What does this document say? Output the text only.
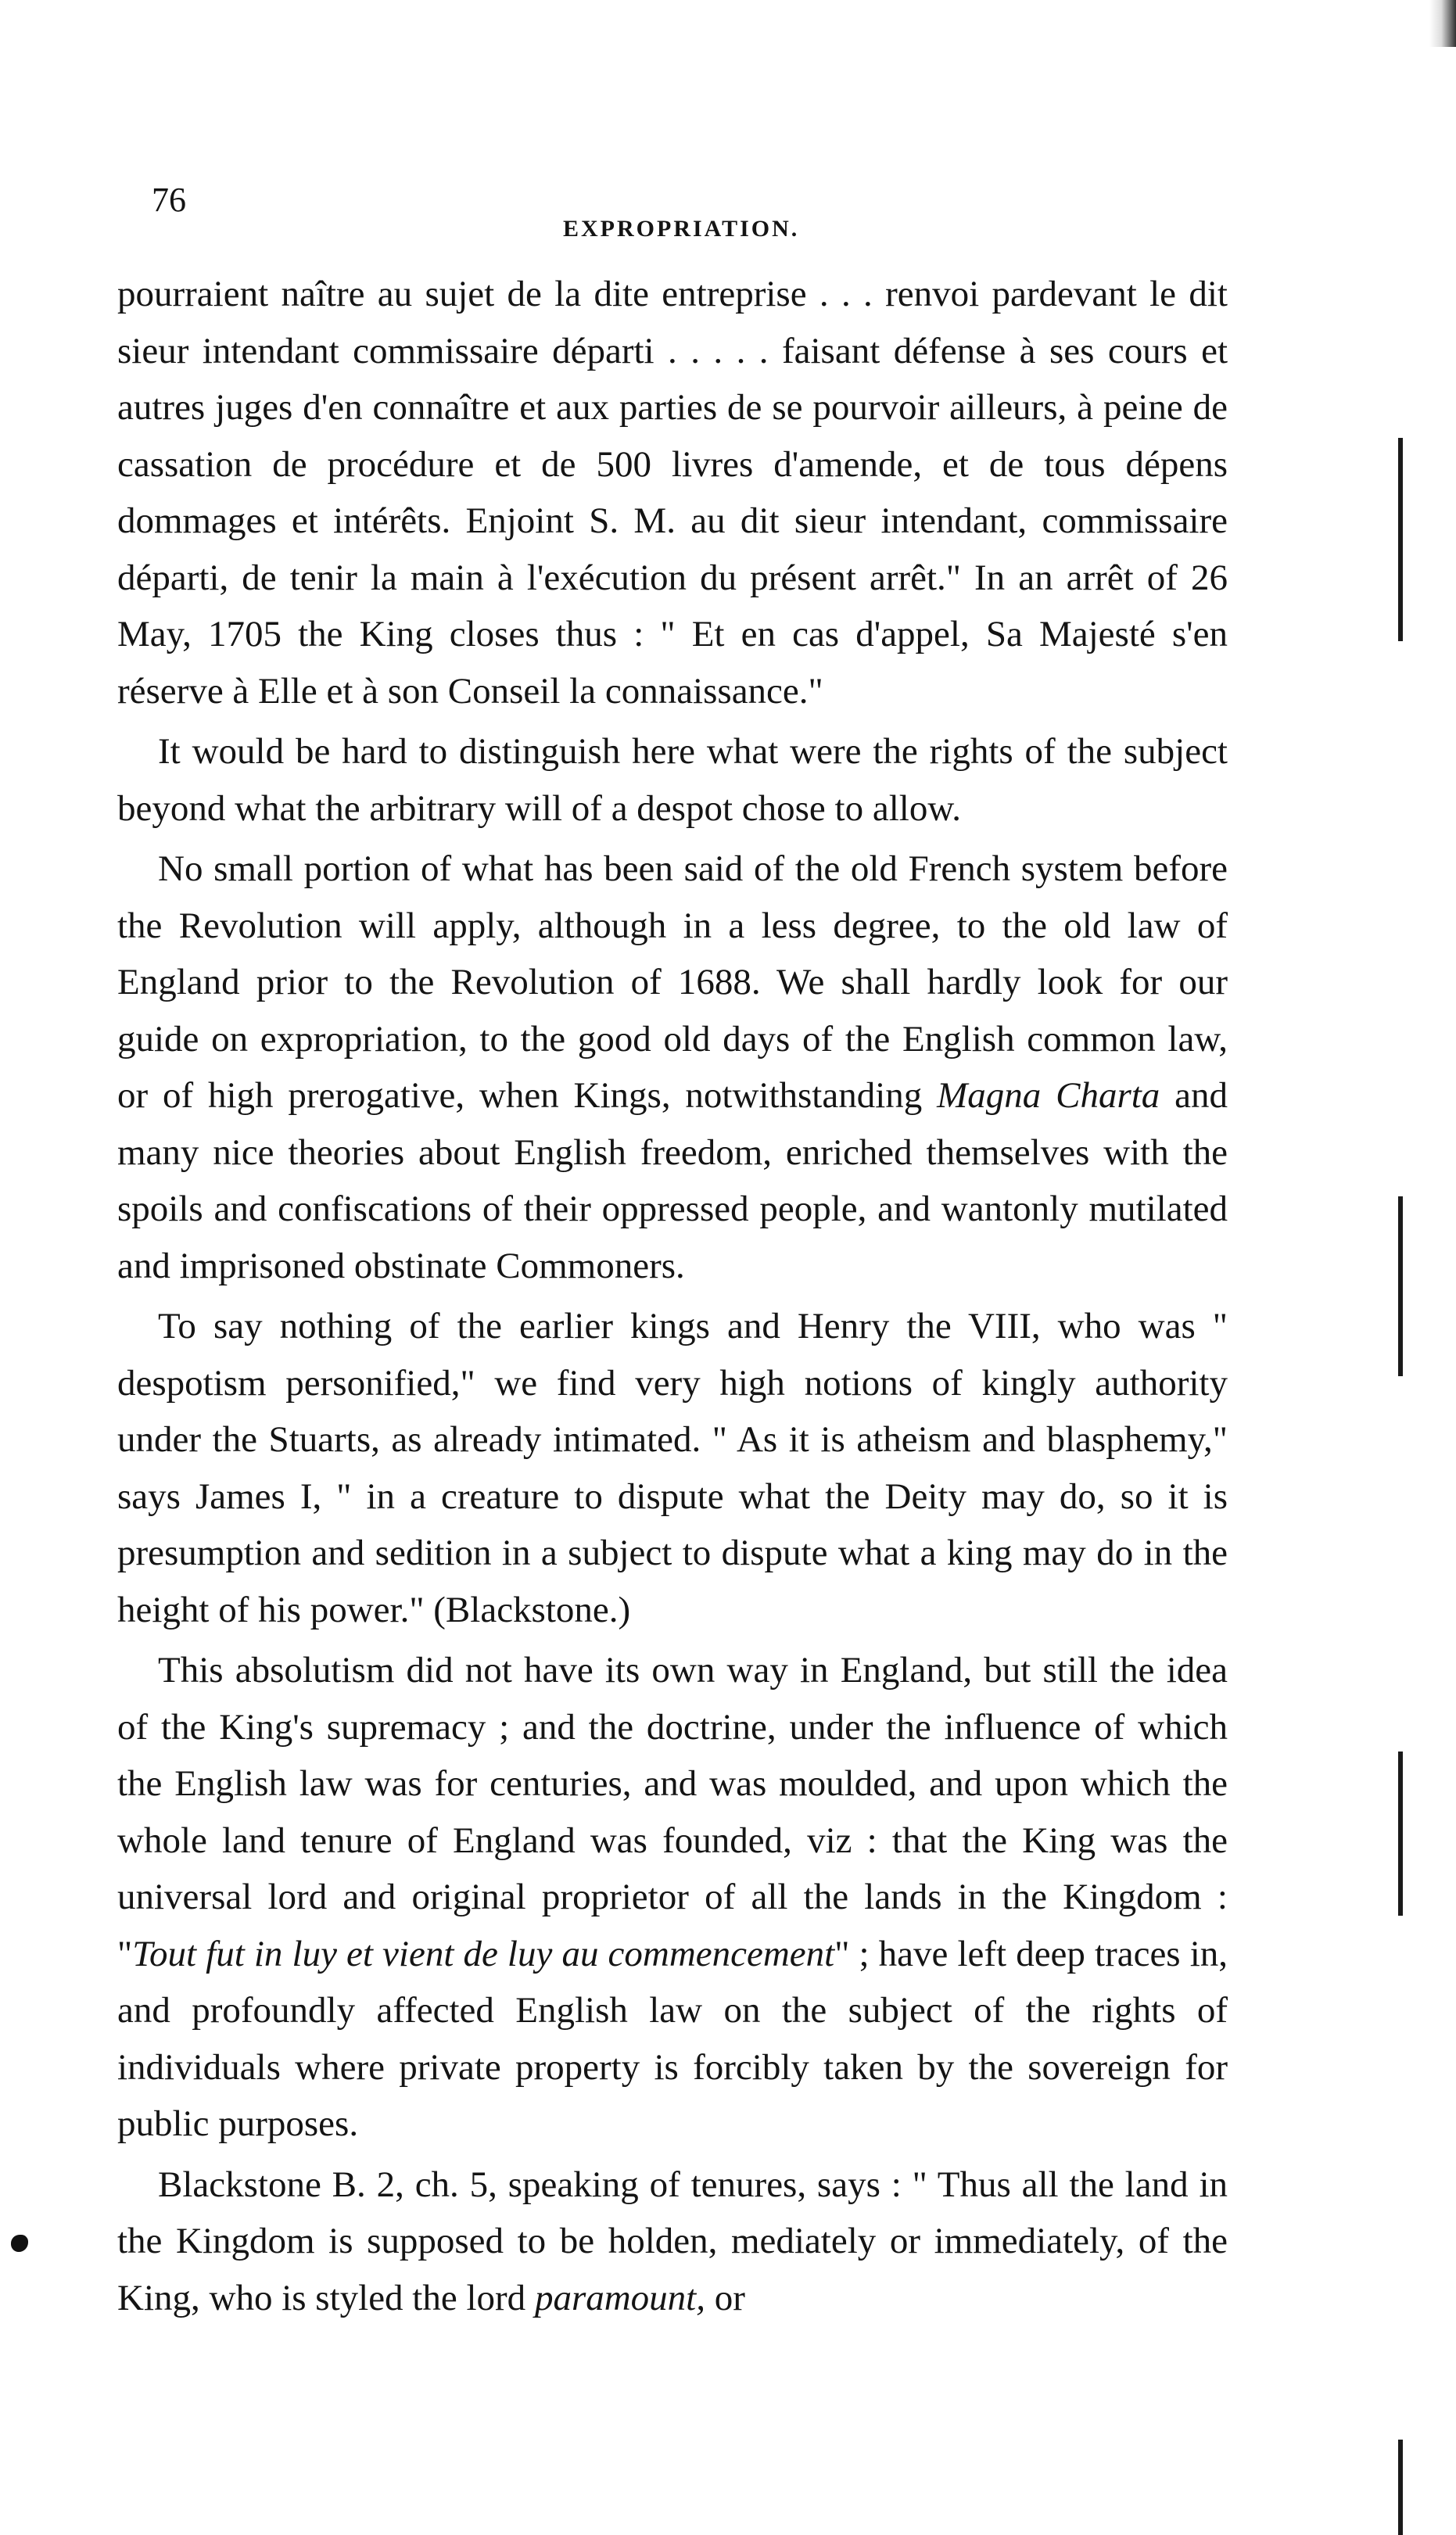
76
EXPROPRIATION.

pourraient naître au sujet de la dite entreprise . . . renvoi pardevant le dit sieur intendant commissaire départi . . . . . faisant défense à ses cours et autres juges d'en connaître et aux parties de se pourvoir ailleurs, à peine de cassation de procédure et de 500 livres d'amende, et de tous dépens dommages et intérêts. Enjoint S. M. au dit sieur intendant, commissaire départi, de tenir la main à l'exécution du présent arrêt." In an arrêt of 26 May, 1705 the King closes thus : " Et en cas d'appel, Sa Majesté s'en réserve à Elle et à son Conseil la connaissance."

It would be hard to distinguish here what were the rights of the subject beyond what the arbitrary will of a despot chose to allow.

No small portion of what has been said of the old French system before the Revolution will apply, although in a less degree, to the old law of England prior to the Revolution of 1688. We shall hardly look for our guide on expropriation, to the good old days of the English common law, or of high prerogative, when Kings, notwithstanding Magna Charta and many nice theories about English freedom, enriched themselves with the spoils and confiscations of their oppressed people, and wantonly mutilated and imprisoned obstinate Commoners.

To say nothing of the earlier kings and Henry the VIII, who was " despotism personified," we find very high notions of kingly authority under the Stuarts, as already intimated. " As it is atheism and blasphemy," says James I, " in a creature to dispute what the Deity may do, so it is presumption and sedition in a subject to dispute what a king may do in the height of his power." (Blackstone.)

This absolutism did not have its own way in England, but still the idea of the King's supremacy ; and the doctrine, under the influence of which the English law was for centuries, and was moulded, and upon which the whole land tenure of England was founded, viz : that the King was the universal lord and original proprietor of all the lands in the Kingdom : "Tout fut in luy et vient de luy au commencement" ; have left deep traces in, and profoundly affected English law on the subject of the rights of individuals where private property is forcibly taken by the sovereign for public purposes.

Blackstone B. 2, ch. 5, speaking of tenures, says : " Thus all the land in the Kingdom is supposed to be holden, mediately or immediately, of the King, who is styled the lord paramount, or
